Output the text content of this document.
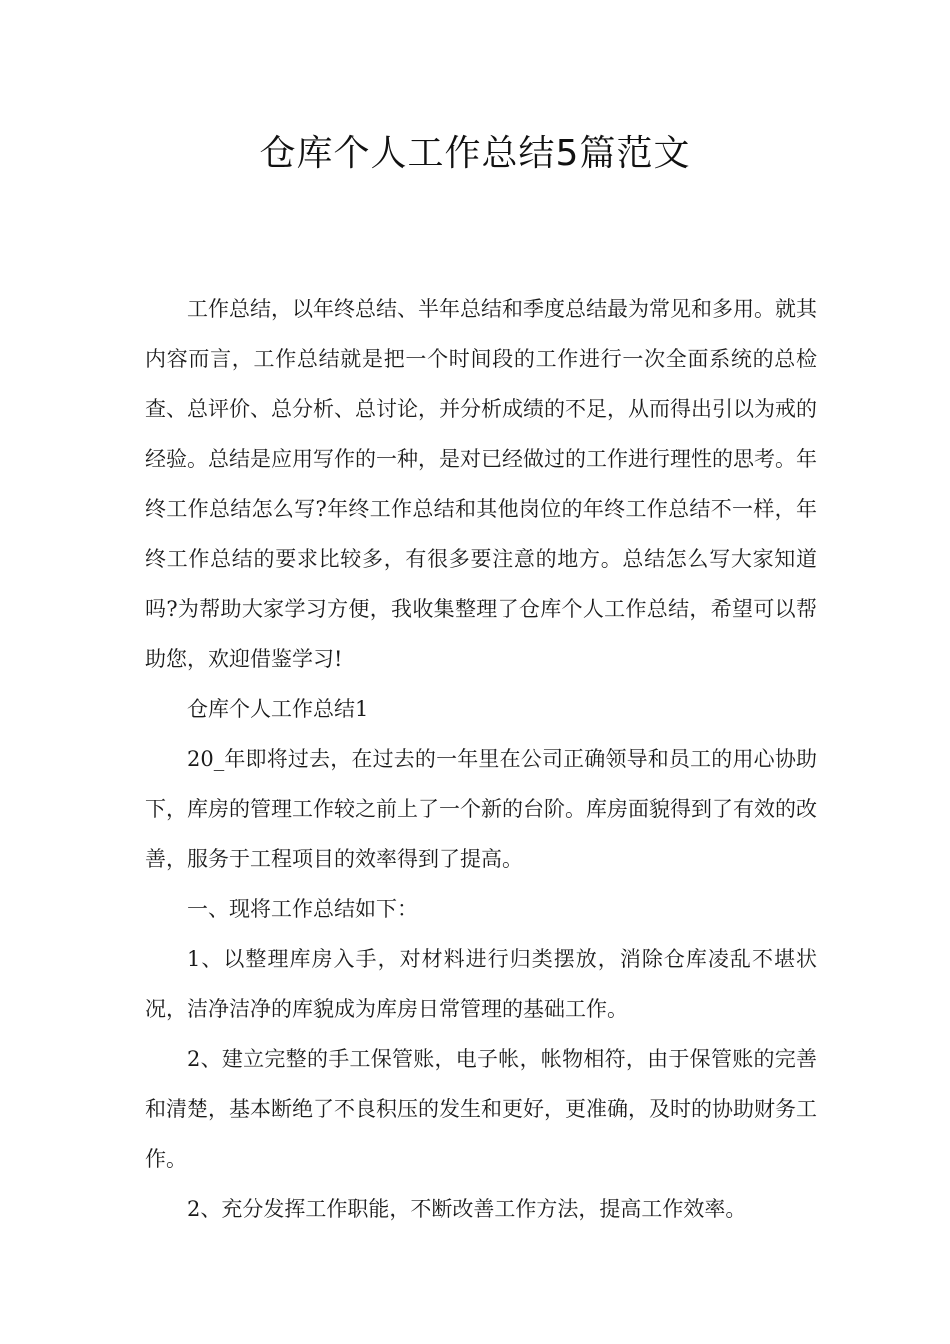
仓库个人工作总结5篇范文

工作总结，以年终总结、半年总结和季度总结最为常见和多用。就其内容而言，工作总结就是把一个时间段的工作进行一次全面系统的总检查、总评价、总分析、总讨论，并分析成绩的不足，从而得出引以为戒的经验。总结是应用写作的一种，是对已经做过的工作进行理性的思考。年终工作总结怎么写?年终工作总结和其他岗位的年终工作总结不一样，年终工作总结的要求比较多，有很多要注意的地方。总结怎么写大家知道吗?为帮助大家学习方便，我收集整理了仓库个人工作总结，希望可以帮助您，欢迎借鉴学习!

仓库个人工作总结1

20_年即将过去，在过去的一年里在公司正确领导和员工的用心协助下，库房的管理工作较之前上了一个新的台阶。库房面貌得到了有效的改善，服务于工程项目的效率得到了提高。

一、现将工作总结如下：

1、以整理库房入手，对材料进行归类摆放，消除仓库凌乱不堪状况，洁净洁净的库貌成为库房日常管理的基础工作。

2、建立完整的手工保管账，电子帐，帐物相符，由于保管账的完善和清楚，基本断绝了不良积压的发生和更好，更准确，及时的协助财务工作。

2、充分发挥工作职能，不断改善工作方法，提高工作效率。
